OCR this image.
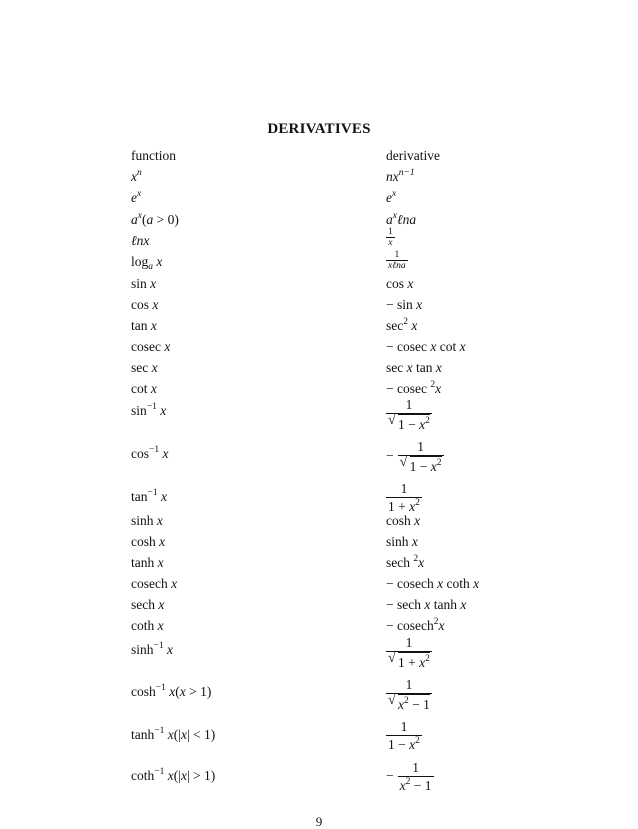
DERIVATIVES
function	derivative
$x^n$	$nx^{n-1}$
$e^x$	$e^x$
$a^x(a > 0)$	$a^x\ell na$
ℓnx	$\frac{1}{x}$
$\log_a x$	$\frac{1}{\text{xℓna}}$
sin x	cos x
cos x	− sin x
tan x	$\sec^2 x$
cosec x	− cosec x cot x
sec x	sec x tan x
cot x	− cosec $^2$x
$\sin^{-1} x$	$\frac{1}{√ 1 - x^2}$
$\cos^{-1} x$	− $\frac{1}{√ 1 - x^2}$
$\tan^{-1} x$	$\frac{1}{1 + x^2}$
sinh x	cosh x
cosh x	sinh x
tanh x	sech $^2$x
cosech x	− cosech x coth x
sech x	− sech x tanh x
coth x	− cosech$^2$x
$\sinh^{-1} x$	$\frac{1}{√ 1 + x^2}$
$\cosh^{-1} x(x > 1)$	$\frac{1}{√ x^2 - 1}$
$\tanh^{-1} x(|x| < 1)$	$\frac{1}{1 - x^2}$
coth$^{-1}$ x(|x| > 1)	− $\frac{1}{x^2 - 1}$
9
